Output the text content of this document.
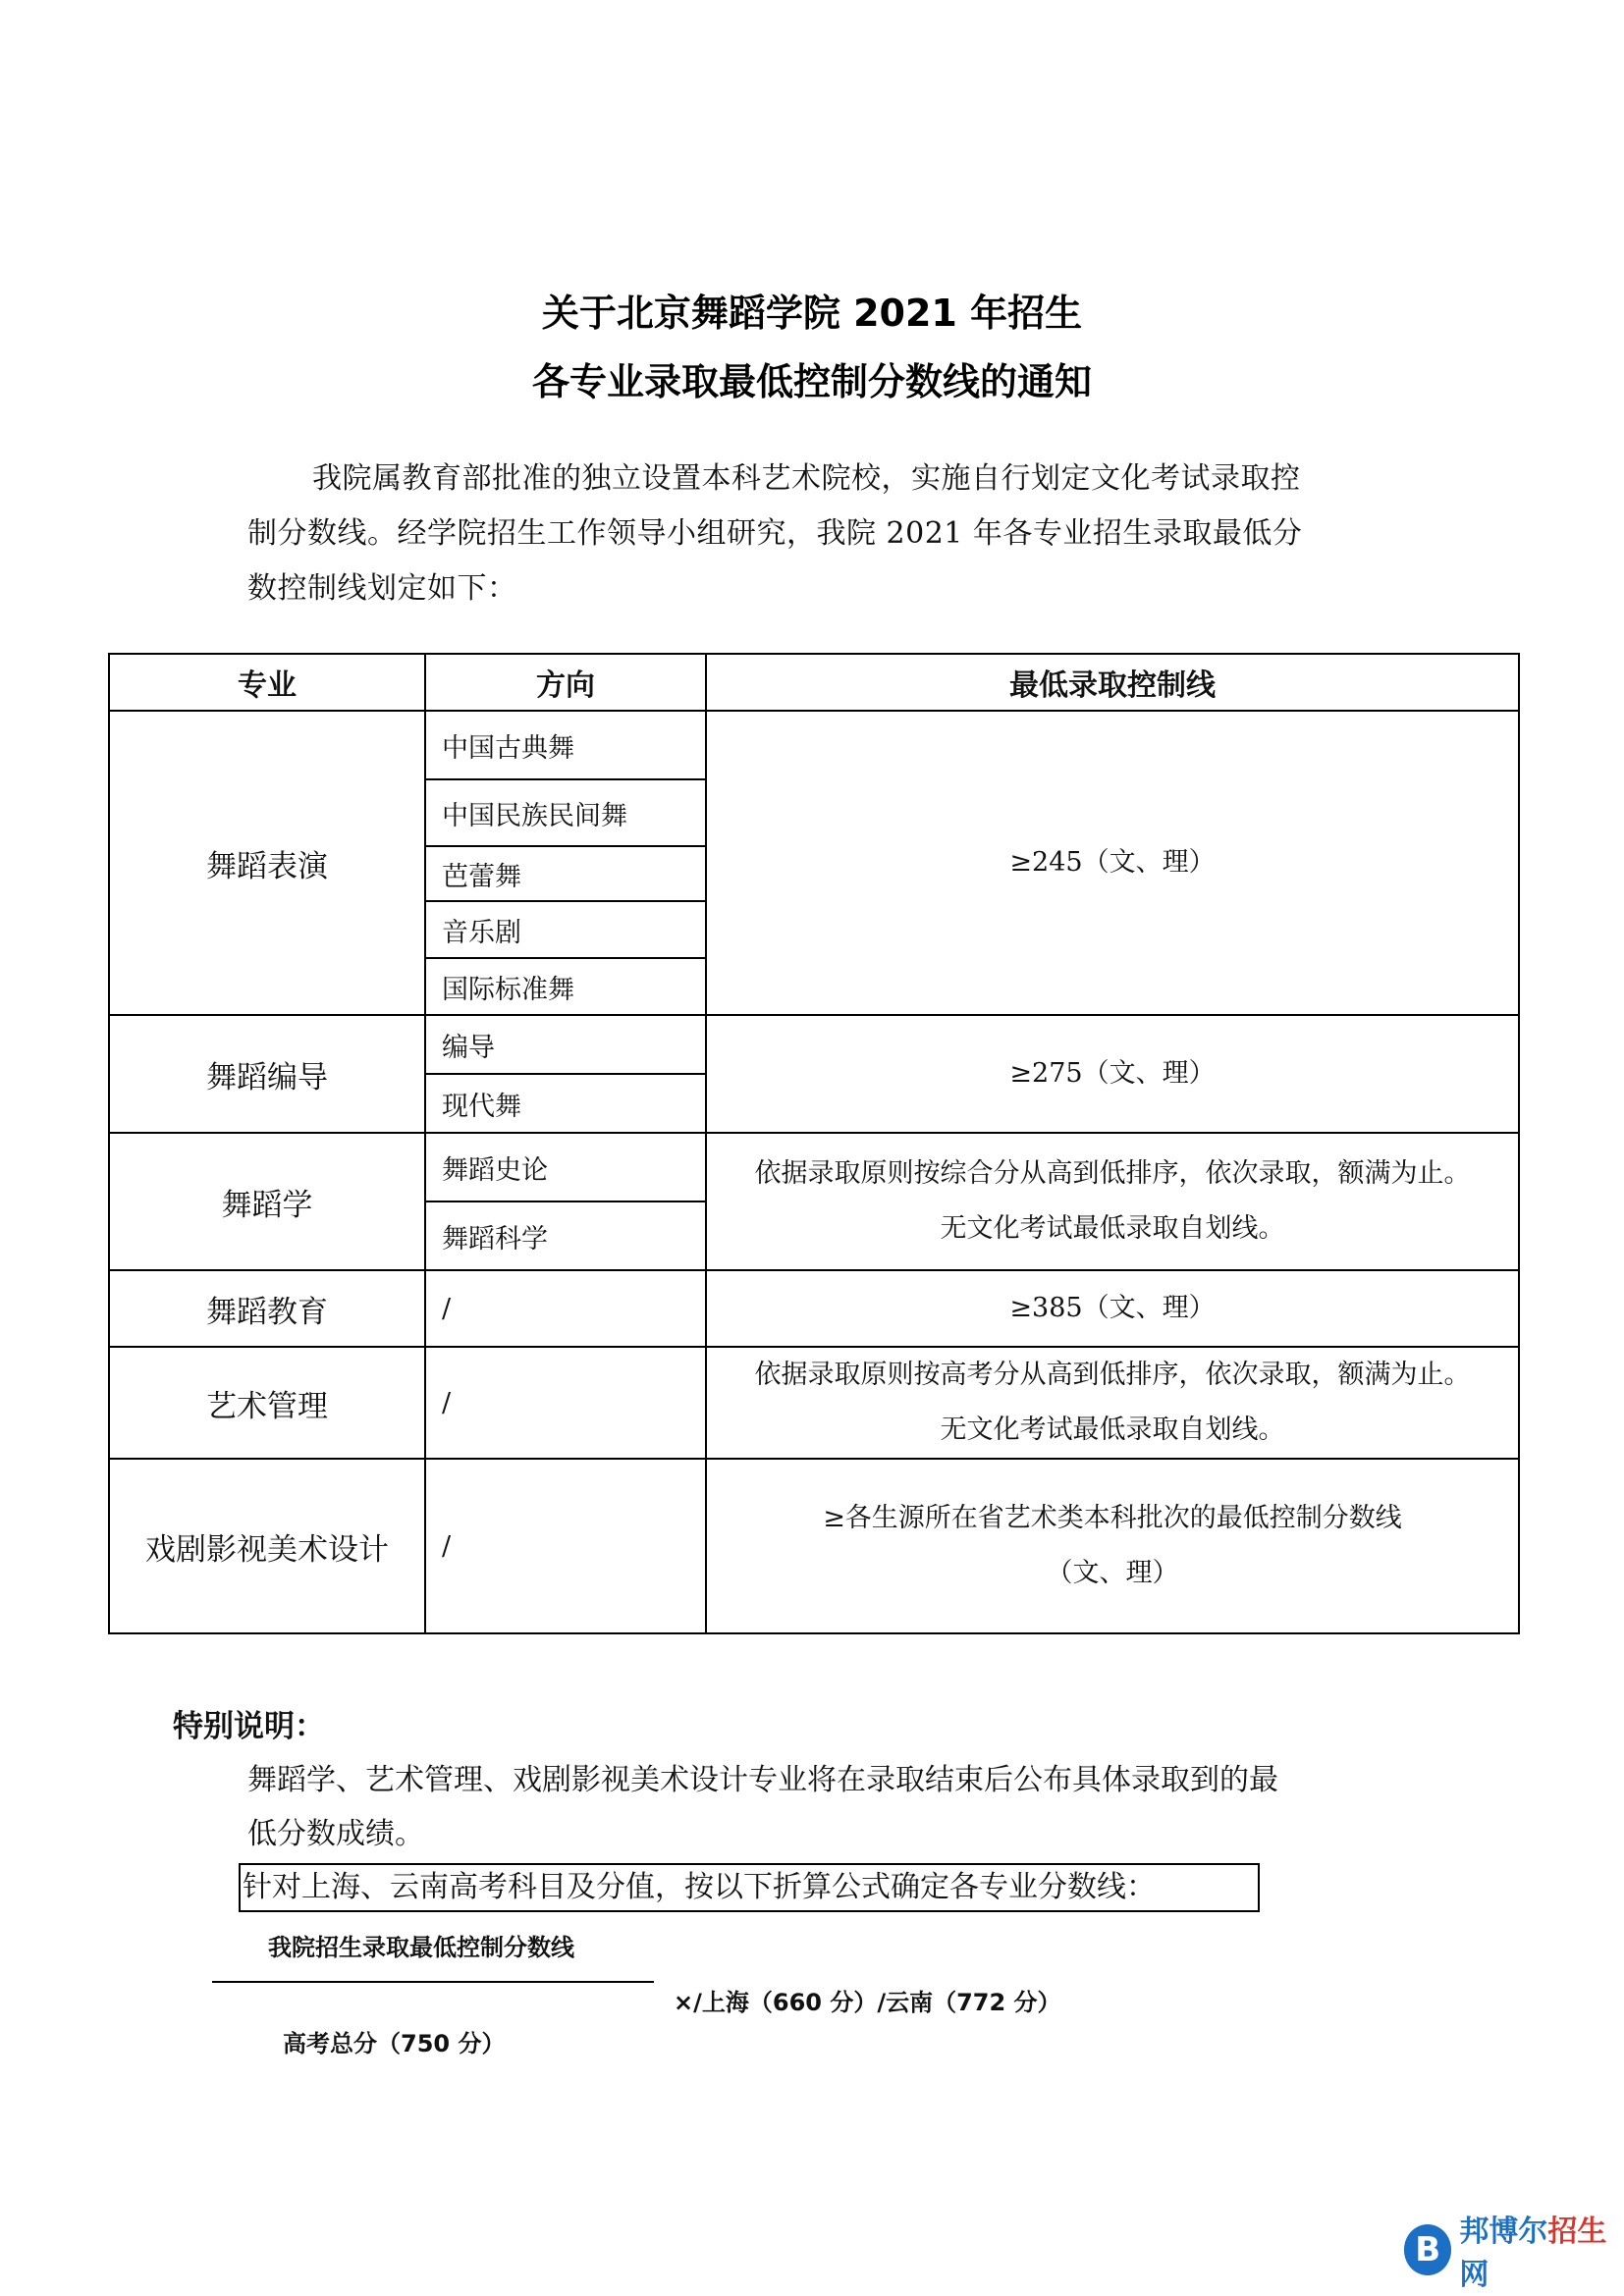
关于北京舞蹈学院 2021 年招生
各专业录取最低控制分数线的通知
我院属教育部批准的独立设置本科艺术院校，实施自行划定文化考试录取控
制分数线。经学院招生工作领导小组研究，我院 2021 年各专业招生录取最低分
数控制线划定如下：
专业	方向	最低录取控制线
舞蹈表演	中国古典舞	≥245（文、理）

	中国民族民间舞	
	芭蕾舞	
	音乐剧	
	国际标准舞	
舞蹈编导	编导	≥275（文、理）

	现代舞	
舞蹈学	舞蹈史论	依据录取原则按综合分从高到低排序，依次录取，额满为止。
无文化考试最低录取自划线。

	舞蹈科学	
舞蹈教育	/	≥385（文、理）

艺术管理	/	依据录取原则按高考分从高到低排序，依次录取，额满为止。
无文化考试最低录取自划线。

戏剧影视美术设计	/	≥各生源所在省艺术类本科批次的最低控制分数线
（文、理）
特别说明：
舞蹈学、艺术管理、戏剧影视美术设计专业将在录取结束后公布具体录取到的最
低分数成绩。
针对上海、云南高考科目及分值，按以下折算公式确定各专业分数线：
我院招生录取最低控制分数线
×/上海（660 分）/云南（772 分）
高考总分（750 分）
B 邦博尔招生网
